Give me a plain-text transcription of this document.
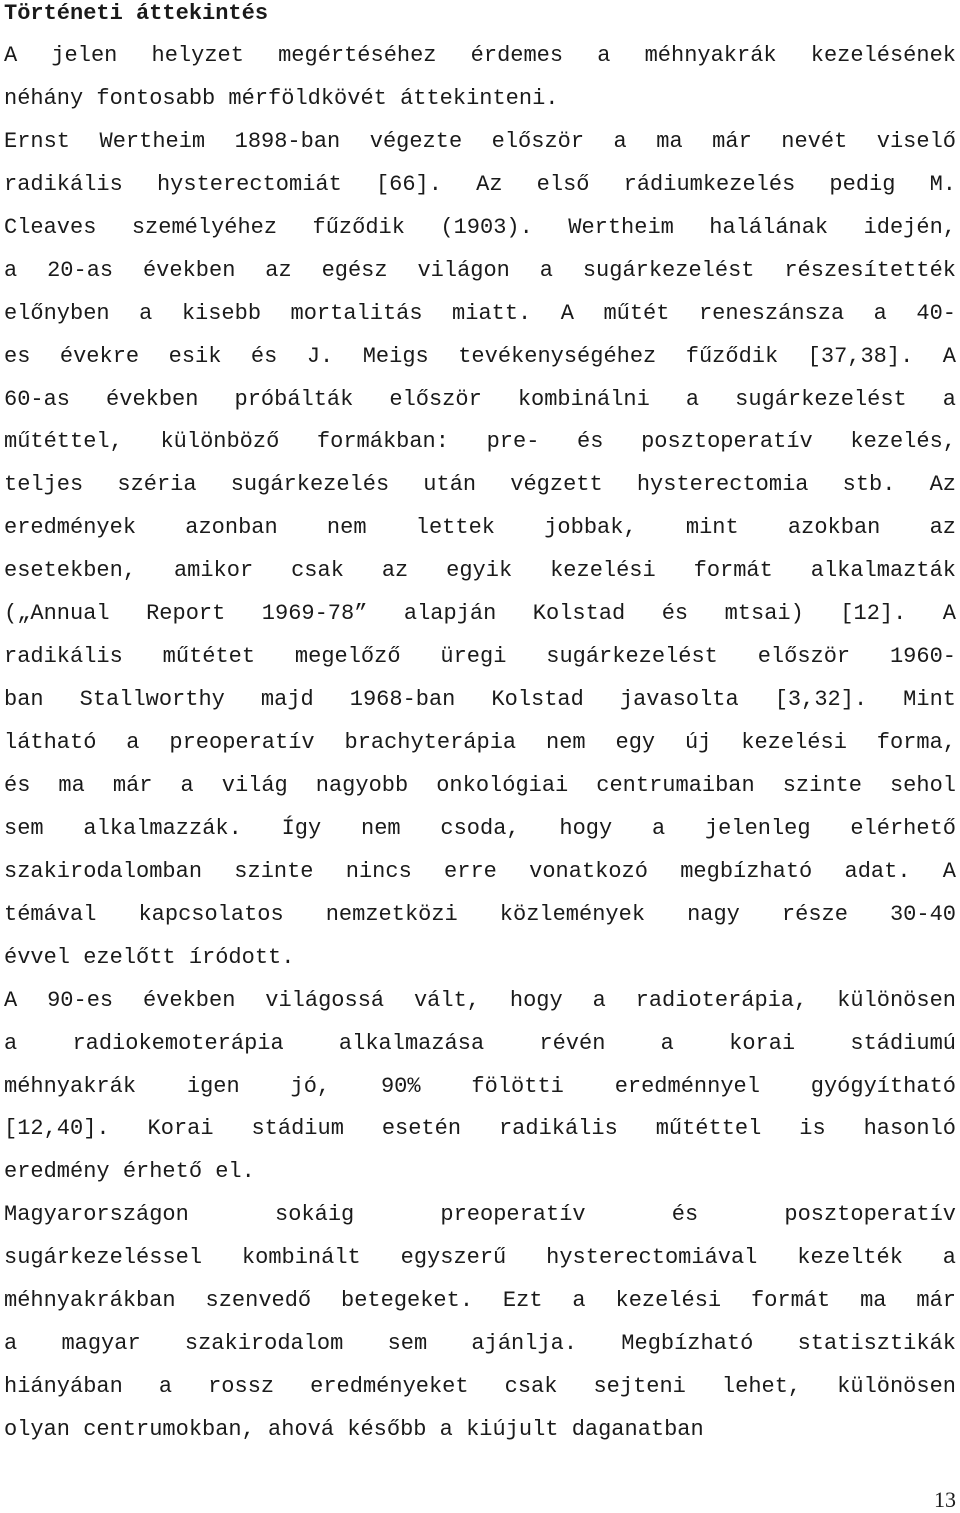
Történeti áttekintés
A jelen helyzet megértéséhez érdemes a méhnyakrák kezelésének
néhány fontosabb mérföldkövét áttekinteni.
Ernst Wertheim 1898-ban végezte először a ma már nevét viselő
radikális hysterectomiát [66]. Az első rádiumkezelés pedig M.
Cleaves személyéhez fűződik (1903). Wertheim halálának idején,
a 20-as években az egész világon a sugárkezelést részesítették
előnyben a kisebb mortalitás miatt. A műtét reneszánsza a 40-
es évekre esik és J. Meigs tevékenységéhez fűződik [37,38]. A
60-as években próbálták először kombinálni a sugárkezelést a
műtéttel, különböző formákban: pre- és posztoperatív kezelés,
teljes széria sugárkezelés után végzett hysterectomia stb. Az
eredmények azonban nem lettek jobbak, mint azokban az
esetekben, amikor csak az egyik kezelési formát alkalmazták
(„Annual Report 1969-78” alapján Kolstad és mtsai) [12]. A
radikális műtétet megelőző üregi sugárkezelést először 1960-
ban Stallworthy majd 1968-ban Kolstad javasolta [3,32]. Mint
látható a preoperatív brachyterápia nem egy új kezelési forma,
és ma már a világ nagyobb onkológiai centrumaiban szinte sehol
sem alkalmazzák. Így nem csoda, hogy a jelenleg elérhető
szakirodalomban szinte nincs erre vonatkozó megbízható adat. A
témával kapcsolatos nemzetközi közlemények nagy része 30-40
évvel ezelőtt íródott.
A 90-es években világossá vált, hogy a radioterápia, különösen
a radiokemoterápia alkalmazása révén a korai stádiumú
méhnyakrák igen jó, 90% fölötti eredménnyel gyógyítható
[12,40]. Korai stádium esetén radikális műtéttel is hasonló
eredmény érhető el.
Magyarországon sokáig preoperatív és posztoperatív
sugárkezeléssel kombinált egyszerű hysterectomiával kezelték a
méhnyakrákban szenvedő betegeket. Ezt a kezelési formát ma már
a magyar szakirodalom sem ajánlja. Megbízható statisztikák
hiányában a rossz eredményeket csak sejteni lehet, különösen
olyan centrumokban, ahová később a kiújult daganatban
13
